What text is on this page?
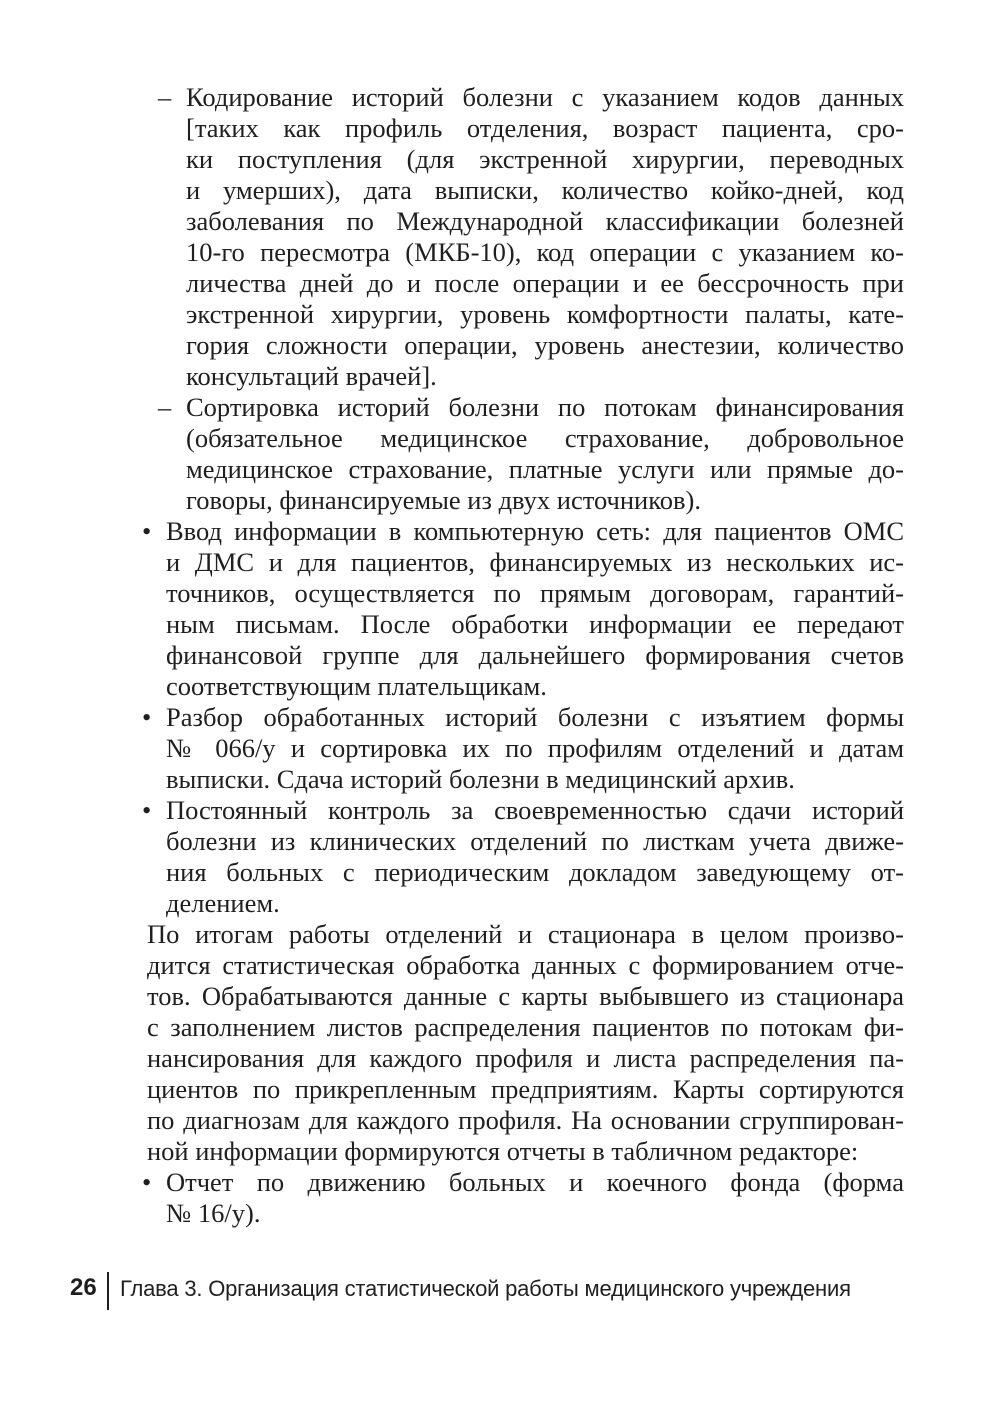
– Кодирование историй болезни с указанием кодов данных
[таких как профиль отделения, возраст пациента, сро-
ки поступления (для экстренной хирургии, переводных
и умерших), дата выписки, количество койко-дней, код
заболевания по Международной классификации болезней
10-го пересмотра (МКБ-10), код операции с указанием ко-
личества дней до и после операции и ее бессрочность при
экстренной хирургии, уровень комфортности палаты, кате-
гория сложности операции, уровень анестезии, количество
консультаций врачей].
– Сортировка историй болезни по потокам финансирования
(обязательное медицинское страхование, добровольное
медицинское страхование, платные услуги или прямые до-
говоры, финансируемые из двух источников).
• Ввод информации в компьютерную сеть: для пациентов ОМС
и ДМС и для пациентов, финансируемых из нескольких ис-
точников, осуществляется по прямым договорам, гарантий-
ным письмам. После обработки информации ее передают
финансовой группе для дальнейшего формирования счетов
соответствующим плательщикам.
• Разбор обработанных историй болезни с изъятием формы
№ 066/у и сортировка их по профилям отделений и датам
выписки. Сдача историй болезни в медицинский архив.
• Постоянный контроль за своевременностью сдачи историй
болезни из клинических отделений по листкам учета движе-
ния больных с периодическим докладом заведующему от-
делением.
По итогам работы отделений и стационара в целом произво-
дится статистическая обработка данных с формированием отче-
тов. Обрабатываются данные с карты выбывшего из стационара
с заполнением листов распределения пациентов по потокам фи-
нансирования для каждого профиля и листа распределения па-
циентов по прикрепленным предприятиям. Карты сортируются
по диагнозам для каждого профиля. На основании сгруппирован-
ной информации формируются отчеты в табличном редакторе:
• Отчет по движению больных и коечного фонда (форма
№ 16/у).
26 Глава 3. Организация статистической работы медицинского учреждения
